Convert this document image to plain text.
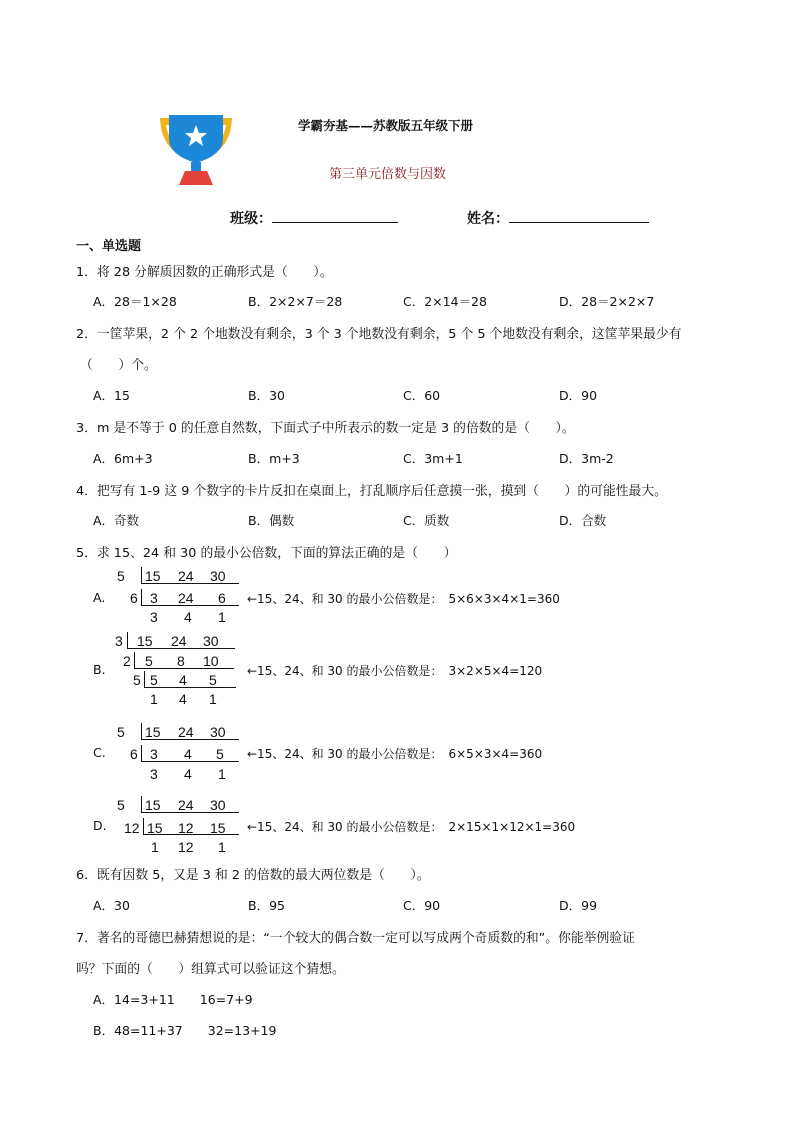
学霸夯基——苏教版五年级下册
第三单元倍数与因数
班级：	姓名：
一、单选题
1．将 28 分解质因数的正确形式是（　　）。
A．28＝1×28	B．2×2×7＝28	C．2×14＝28	D．28＝2×2×7
2．一筐苹果，2 个 2 个地数没有剩余，3 个 3 个地数没有剩余，5 个 5 个地数没有剩余，这筐苹果最少有
（　　）个。
A．15	B．30	C．60	D．90
3．m 是不等于 0 的任意自然数，下面式子中所表示的数一定是 3 的倍数的是（　　）。
A．6m+3	B．m+3	C．3m+1	D．3m-2
4．把写有 1-9 这 9 个数字的卡片反扣在桌面上，打乱顺序后任意摸一张，摸到（　　）的可能性最大。
A．奇数	B．偶数	C．质数	D．合数
5．求 15、24 和 30 的最小公倍数，下面的算法正确的是（　　）
A.
5
6
15 24 30
3 24 6
3 4 1
←15、24、和 30 的最小公倍数是：　5×6×3×4×1=360
B.
3
2
5
15 24 30
5 8 10
5 4 5
1 4 1
←15、24、和 30 的最小公倍数是：　3×2×5×4=120
C.
5
6
15 24 30
3 4 5
3 4 1
←15、24、和 30 的最小公倍数是：　6×5×3×4=360
D.
5
12
15 24 30
15 12 15
1 12 1
←15、24、和 30 的最小公倍数是：　2×15×1×12×1=360
6．既有因数 5，又是 3 和 2 的倍数的最大两位数是（　　）。
A．30	B．95	C．90	D．99
7．著名的哥德巴赫猜想说的是：“一个较大的偶合数一定可以写成两个奇质数的和”。你能举例验证
吗？下面的（　　）组算式可以验证这个猜想。
A．14=3+11　　16=7+9
B．48=11+37　　32=13+19
